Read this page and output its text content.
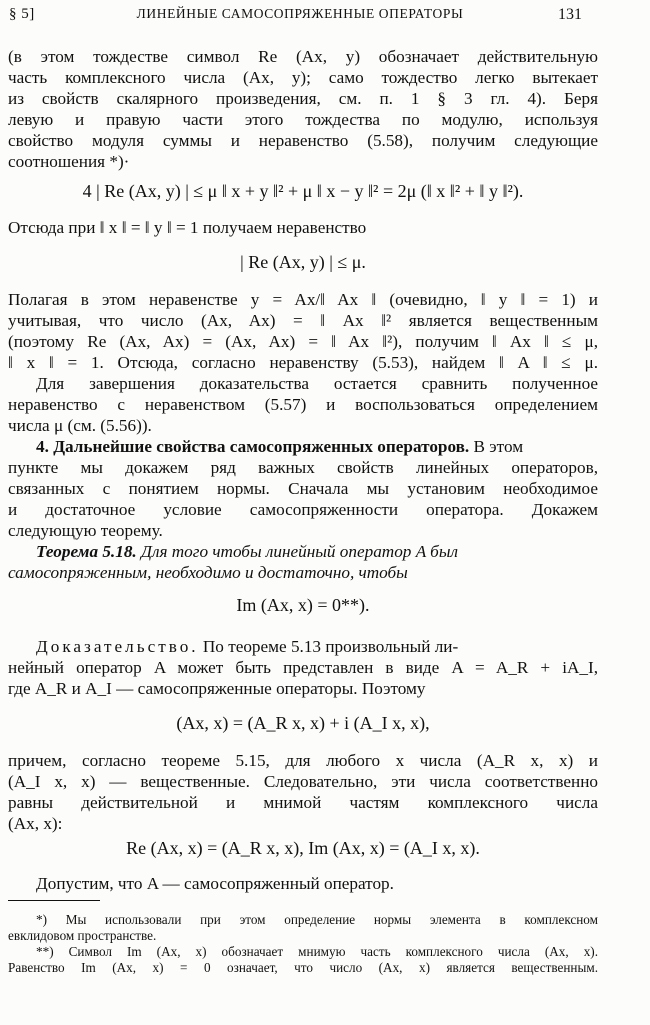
§ 5]	ЛИНЕЙНЫЕ САМОСОПРЯЖЕННЫЕ ОПЕРАТОРЫ	131
(в этом тождестве символ Re (Ax, y) обозначает действительную
часть комплексного числа (Ax, y); само тождество легко вытекает
из свойств скалярного произведения, см. п. 1 § 3 гл. 4). Беря
левую и правую части этого тождества по модулю, используя
свойство модуля суммы и неравенство (5.58), получим следующие
соотношения *)·
4 | Re (Ax, y) | ≤ μ ‖ x + y ‖² + μ ‖ x − y ‖² = 2μ (‖ x ‖² + ‖ y ‖²).
Отсюда при ‖ x ‖ = ‖ y ‖ = 1 получаем неравенство
| Re (Ax, y) | ≤ μ.
Полагая в этом неравенстве y = Ax/‖ Ax ‖ (очевидно, ‖ y ‖ = 1) и
учитывая, что число (Ax, Ax) = ‖ Ax ‖² является вещественным
(поэтому Re (Ax, Ax) = (Ax, Ax) = ‖ Ax ‖²), получим ‖ Ax ‖ ≤ μ,
‖ x ‖ = 1. Отсюда, согласно неравенству (5.53), найдем ‖ A ‖ ≤ μ.
Для завершения доказательства остается сравнить полученное
неравенство с неравенством (5.57) и воспользоваться определением
числа μ (см. (5.56)).
4. Дальнейшие свойства самосопряженных операторов. В этом
пункте мы докажем ряд важных свойств линейных операторов,
связанных с понятием нормы. Сначала мы установим необходимое
и достаточное условие самосопряженности оператора. Докажем
следующую теорему.
Теорема 5.18. Для того чтобы линейный оператор A был
самосопряженным, необходимо и достаточно, чтобы
Im (Ax, x) = 0**).
Доказательство. По теореме 5.13 произвольный ли-
нейный оператор A может быть представлен в виде A = A_R + iA_I,
где A_R и A_I — самосопряженные операторы. Поэтому
(Ax, x) = (A_R x, x) + i (A_I x, x),
причем, согласно теореме 5.15, для любого x числа (A_R x, x) и
(A_I x, x) — вещественные. Следовательно, эти числа соответственно
равны действительной и мнимой частям комплексного числа
(Ax, x):
Re (Ax, x) = (A_R x, x), Im (Ax, x) = (A_I x, x).
Допустим, что A — самосопряженный оператор.
*) Мы использовали при этом определение нормы элемента в комплексном
евклидовом пространстве.
**) Символ Im (Ax, x) обозначает мнимую часть комплексного числа (Ax, x).
Равенство Im (Ax, x) = 0 означает, что число (Ax, x) является вещественным.
